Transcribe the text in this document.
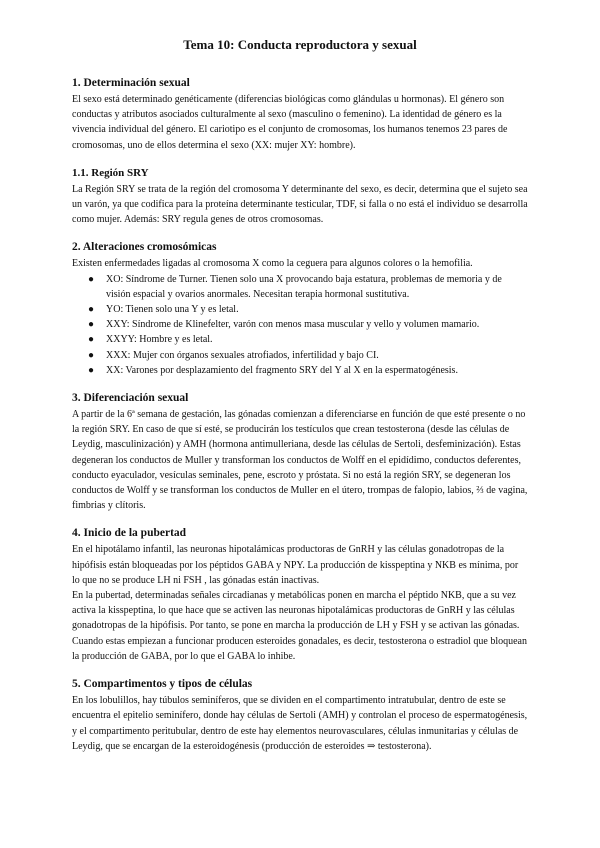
Tema 10: Conducta reproductora y sexual
1. Determinación sexual

El sexo está determinado genéticamente (diferencias biológicas como glándulas u hormonas). El género son conductas y atributos asociados culturalmente al sexo (masculino o femenino). La identidad de género es la vivencia individual del género. El cariotipo es el conjunto de cromosomas, los humanos tenemos 23 pares de cromosomas, uno de ellos determina el sexo (XX: mujer XY: hombre).

1.1. Región SRY

La Región SRY se trata de la región del cromosoma Y determinante del sexo, es decir, determina que el sujeto sea un varón, ya que codifica para la proteína determinante testicular, TDF, si falla o no está el individuo se desarrolla como mujer. Además: SRY regula genes de otros cromosomas.

2. Alteraciones cromosómicas

Existen enfermedades ligadas al cromosoma X como la ceguera para algunos colores o la hemofilia.

● XO: Síndrome de Turner. Tienen solo una X provocando baja estatura, problemas de memoria y de visión espacial y ovarios anormales. Necesitan terapia hormonal sustitutiva.
● YO: Tienen solo una Y y es letal.
● XXY: Síndrome de Klinefelter, varón con menos masa muscular y vello y volumen mamario.
● XXYY: Hombre y es letal.
● XXX: Mujer con órganos sexuales atrofiados, infertilidad y bajo CI.
● XX: Varones por desplazamiento del fragmento SRY del Y al X en la espermatogénesis.
3. Diferenciación sexual

A partir de la 6ª semana de gestación, las gónadas comienzan a diferenciarse en función de que esté presente o no la región SRY. En caso de que sí esté, se producirán los testículos que crean testosterona (desde las células de Leydig, masculinización) y AMH (hormona antimulleriana, desde las células de Sertoli, desfeminización). Estas degeneran los conductos de Muller y transforman los conductos de Wolff en el epidídimo, conductos deferentes, conducto eyaculador, vesículas seminales, pene, escroto y próstata. Si no está la región SRY, se degeneran los conductos de Wolff y se transforman los conductos de Muller en el útero, trompas de falopio, labios, ⅔ de vagina, fimbrias y clítoris.

4. Inicio de la pubertad

En el hipotálamo infantil, las neuronas hipotalámicas productoras de GnRH y las células gonadotropas de la hipófisis están bloqueadas por los péptidos GABA y NPY. La producción de kisspeptina y NKB es mínima, por lo que no se produce LH ni FSH , las gónadas están inactivas.

En la pubertad, determinadas señales circadianas y metabólicas ponen en marcha el péptido NKB, que a su vez activa la kisspeptina, lo que hace que se activen las neuronas hipotalámicas productoras de GnRH y las células gonadotropas de la hipófisis. Por tanto, se pone en marcha la producción de LH y FSH y se activan las gónadas. Cuando estas empiezan a funcionar producen esteroides gonadales, es decir, testosterona o estradiol que bloquean la producción de GABA, por lo que el GABA lo inhibe.

5. Compartimentos y tipos de células

En los lobulillos, hay túbulos seminíferos, que se dividen en el compartimento intratubular, dentro de este se encuentra el epitelio seminífero, donde hay células de Sertoli (AMH) y controlan el proceso de espermatogénesis, y el compartimento peritubular, dentro de este hay elementos neurovasculares, células inmunitarias y células de Leydig, que se encargan de la esteroidogénesis (producción de esteroides ⇒ testosterona).
